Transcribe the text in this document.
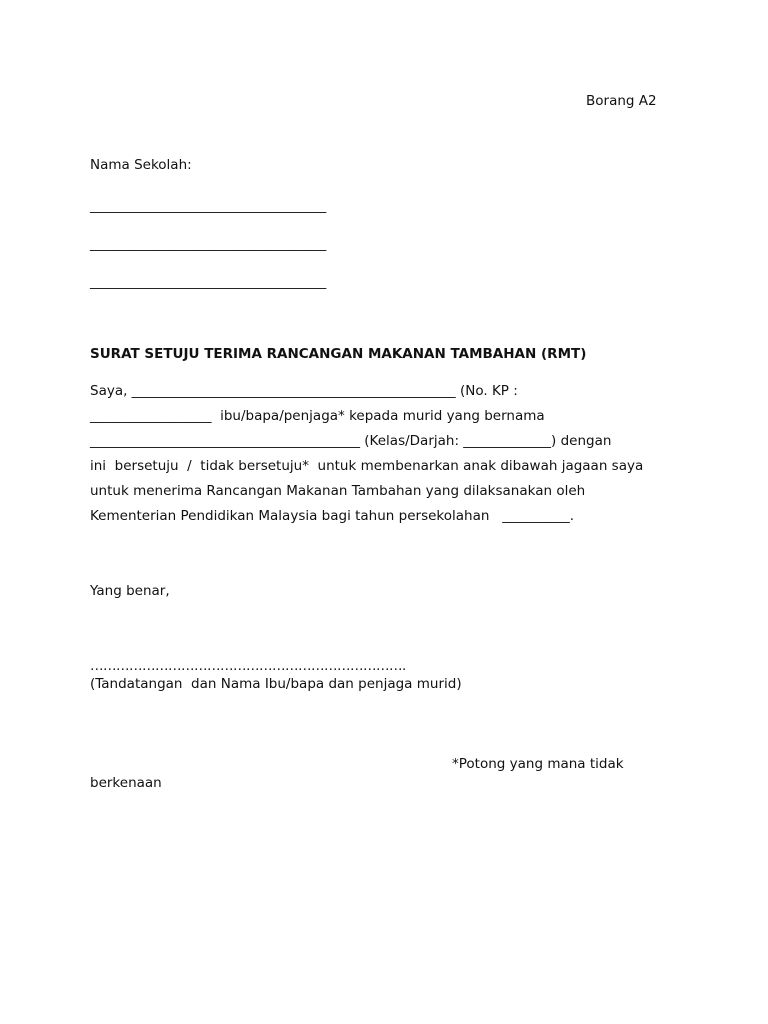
Borang A2
Nama Sekolah:
___________________________________
___________________________________
___________________________________
SURAT SETUJU TERIMA RANCANGAN MAKANAN TAMBAHAN (RMT)
Saya, ________________________________________________ (No. KP :
__________________  ibu/bapa/penjaga* kepada murid yang bernama
________________________________________ (Kelas/Darjah: _____________) dengan
ini  bersetuju  /  tidak bersetuju*  untuk membenarkan anak dibawah jagaan saya
untuk menerima Rancangan Makanan Tambahan yang dilaksanakan oleh
Kementerian Pendidikan Malaysia bagi tahun persekolahan   __________.
Yang benar,
……………………………………………………………….
(Tandatangan  dan Nama Ibu/bapa dan penjaga murid)
*Potong yang mana tidak
berkenaan
